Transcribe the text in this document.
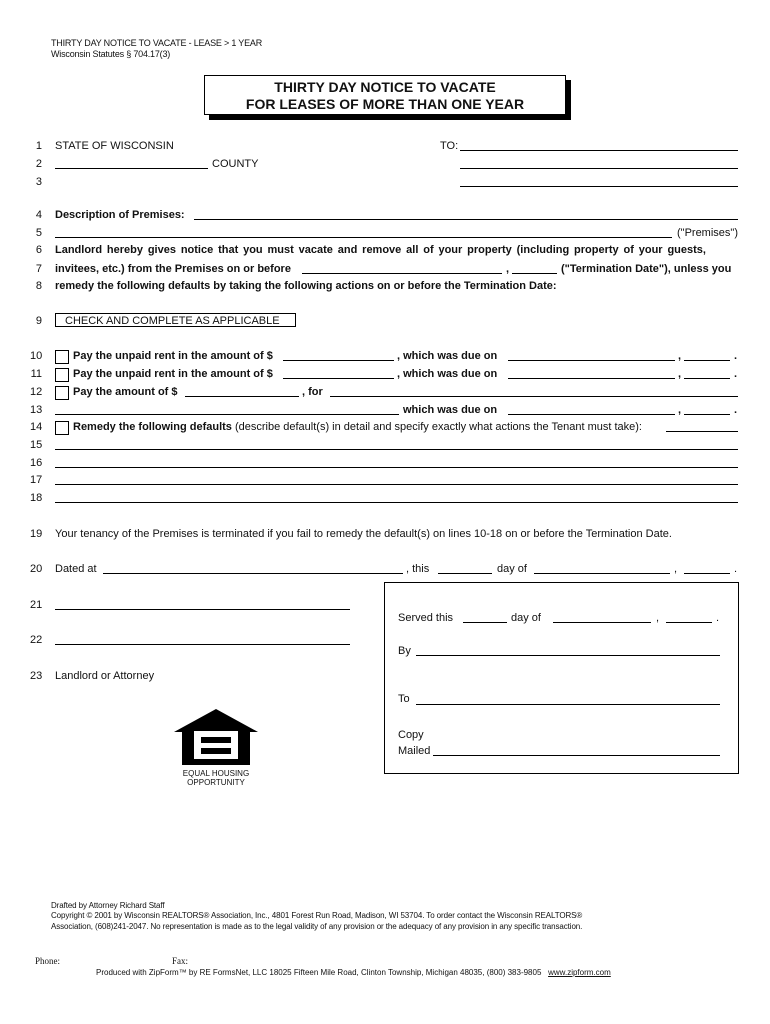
THIRTY DAY NOTICE TO VACATE - LEASE > 1 YEAR
Wisconsin Statutes § 704.17(3)
THIRTY DAY NOTICE TO VACATE
FOR LEASES OF MORE THAN ONE YEAR
1
2
3
4
5
6
7
8
9
10
11
12
13
14
15
16
17
18
19
20
21
22
23
STATE OF WISCONSIN	TO:
COUNTY
Description of Premises:
("Premises")
Landlord hereby gives notice that you must vacate and remove all of your property (including property of your guests,
invitees, etc.) from the Premises on or before	,	("Termination Date"), unless you
remedy the following defaults by taking the following actions on or before the Termination Date:
CHECK AND COMPLETE AS APPLICABLE
Pay the unpaid rent in the amount of $	, which was due on	,	.
Pay the unpaid rent in the amount of $	, which was due on	,	.
Pay the amount of $	, for
which was due on	,	.
Remedy the following defaults (describe default(s) in detail and specify exactly what actions the Tenant must take):
Your tenancy of the Premises is terminated if you fail to remedy the default(s) on lines 10-18 on or before the Termination Date.
Dated at	, this	day of	,	.
Landlord or Attorney
Served this	day of	,	.
By
To
Copy
Mailed
EQUAL HOUSING
OPPORTUNITY
Drafted by Attorney Richard Staff
Copyright © 2001 by Wisconsin REALTORS® Association, Inc., 4801 Forest Run Road, Madison, WI 53704. To order contact the Wisconsin REALTORS®
Association, (608)241-2047. No representation is made as to the legal validity of any provision or the adequacy of any provision in any specific transaction.
Phone:	Fax:
Produced with ZipForm™ by RE FormsNet, LLC 18025 Fifteen Mile Road, Clinton Township, Michigan 48035, (800) 383-9805 www.zipform.com
